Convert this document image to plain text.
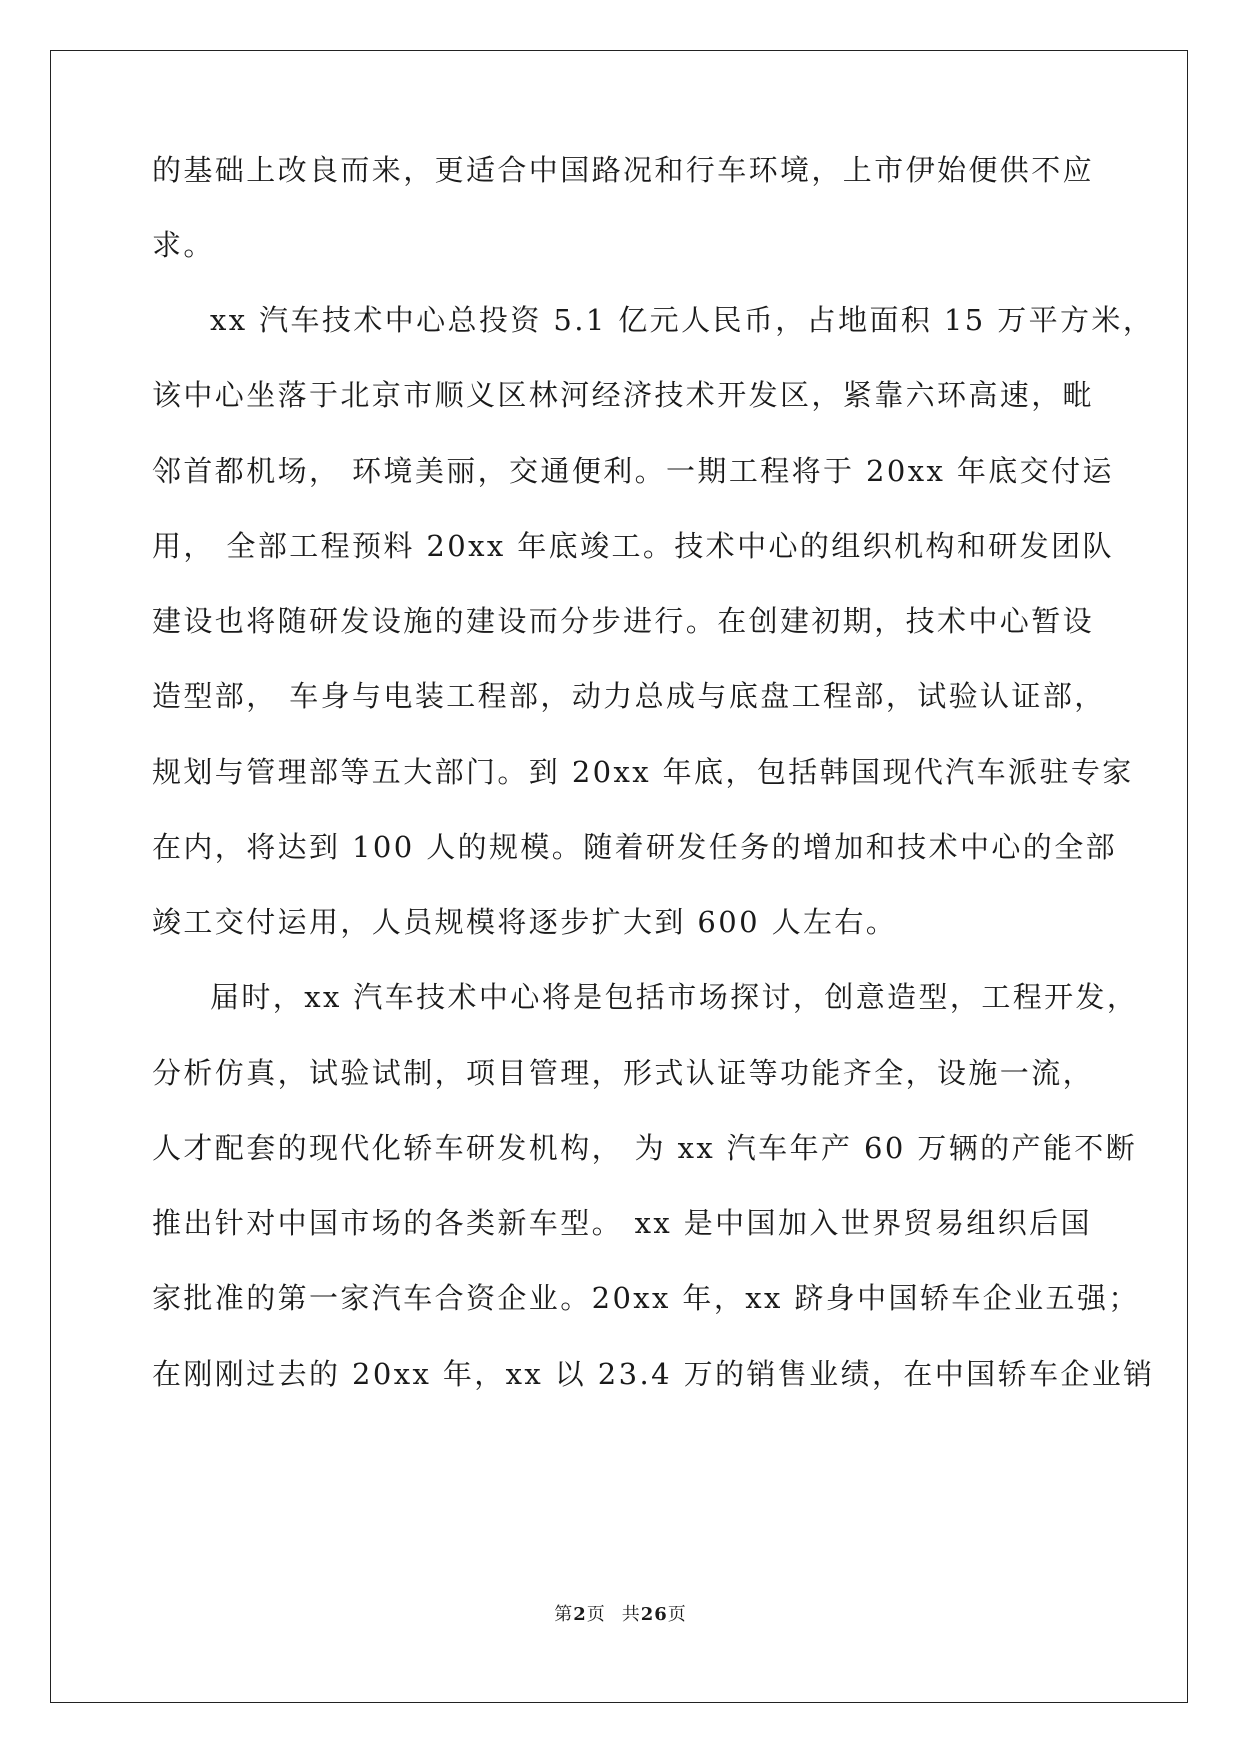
的基础上改良而来，更适合中国路况和行车环境，上市伊始便供不应
求。
xx 汽车技术中心总投资 5.1 亿元人民币，占地面积 15 万平方米，
该中心坐落于北京市顺义区林河经济技术开发区，紧靠六环高速，毗
邻首都机场， 环境美丽，交通便利。一期工程将于 20xx 年底交付运
用， 全部工程预料 20xx 年底竣工。技术中心的组织机构和研发团队
建设也将随研发设施的建设而分步进行。在创建初期，技术中心暂设
造型部， 车身与电装工程部，动力总成与底盘工程部，试验认证部，
规划与管理部等五大部门。到 20xx 年底，包括韩国现代汽车派驻专家
在内，将达到 100 人的规模。随着研发任务的增加和技术中心的全部
竣工交付运用，人员规模将逐步扩大到 600 人左右。
届时，xx 汽车技术中心将是包括市场探讨，创意造型，工程开发，
分析仿真，试验试制，项目管理，形式认证等功能齐全，设施一流，
人才配套的现代化轿车研发机构， 为 xx 汽车年产 60 万辆的产能不断
推出针对中国市场的各类新车型。 xx 是中国加入世界贸易组织后国
家批准的第一家汽车合资企业。20xx 年，xx 跻身中国轿车企业五强；
在刚刚过去的 20xx 年，xx 以 23.4 万的销售业绩，在中国轿车企业销
第2页 共26页
